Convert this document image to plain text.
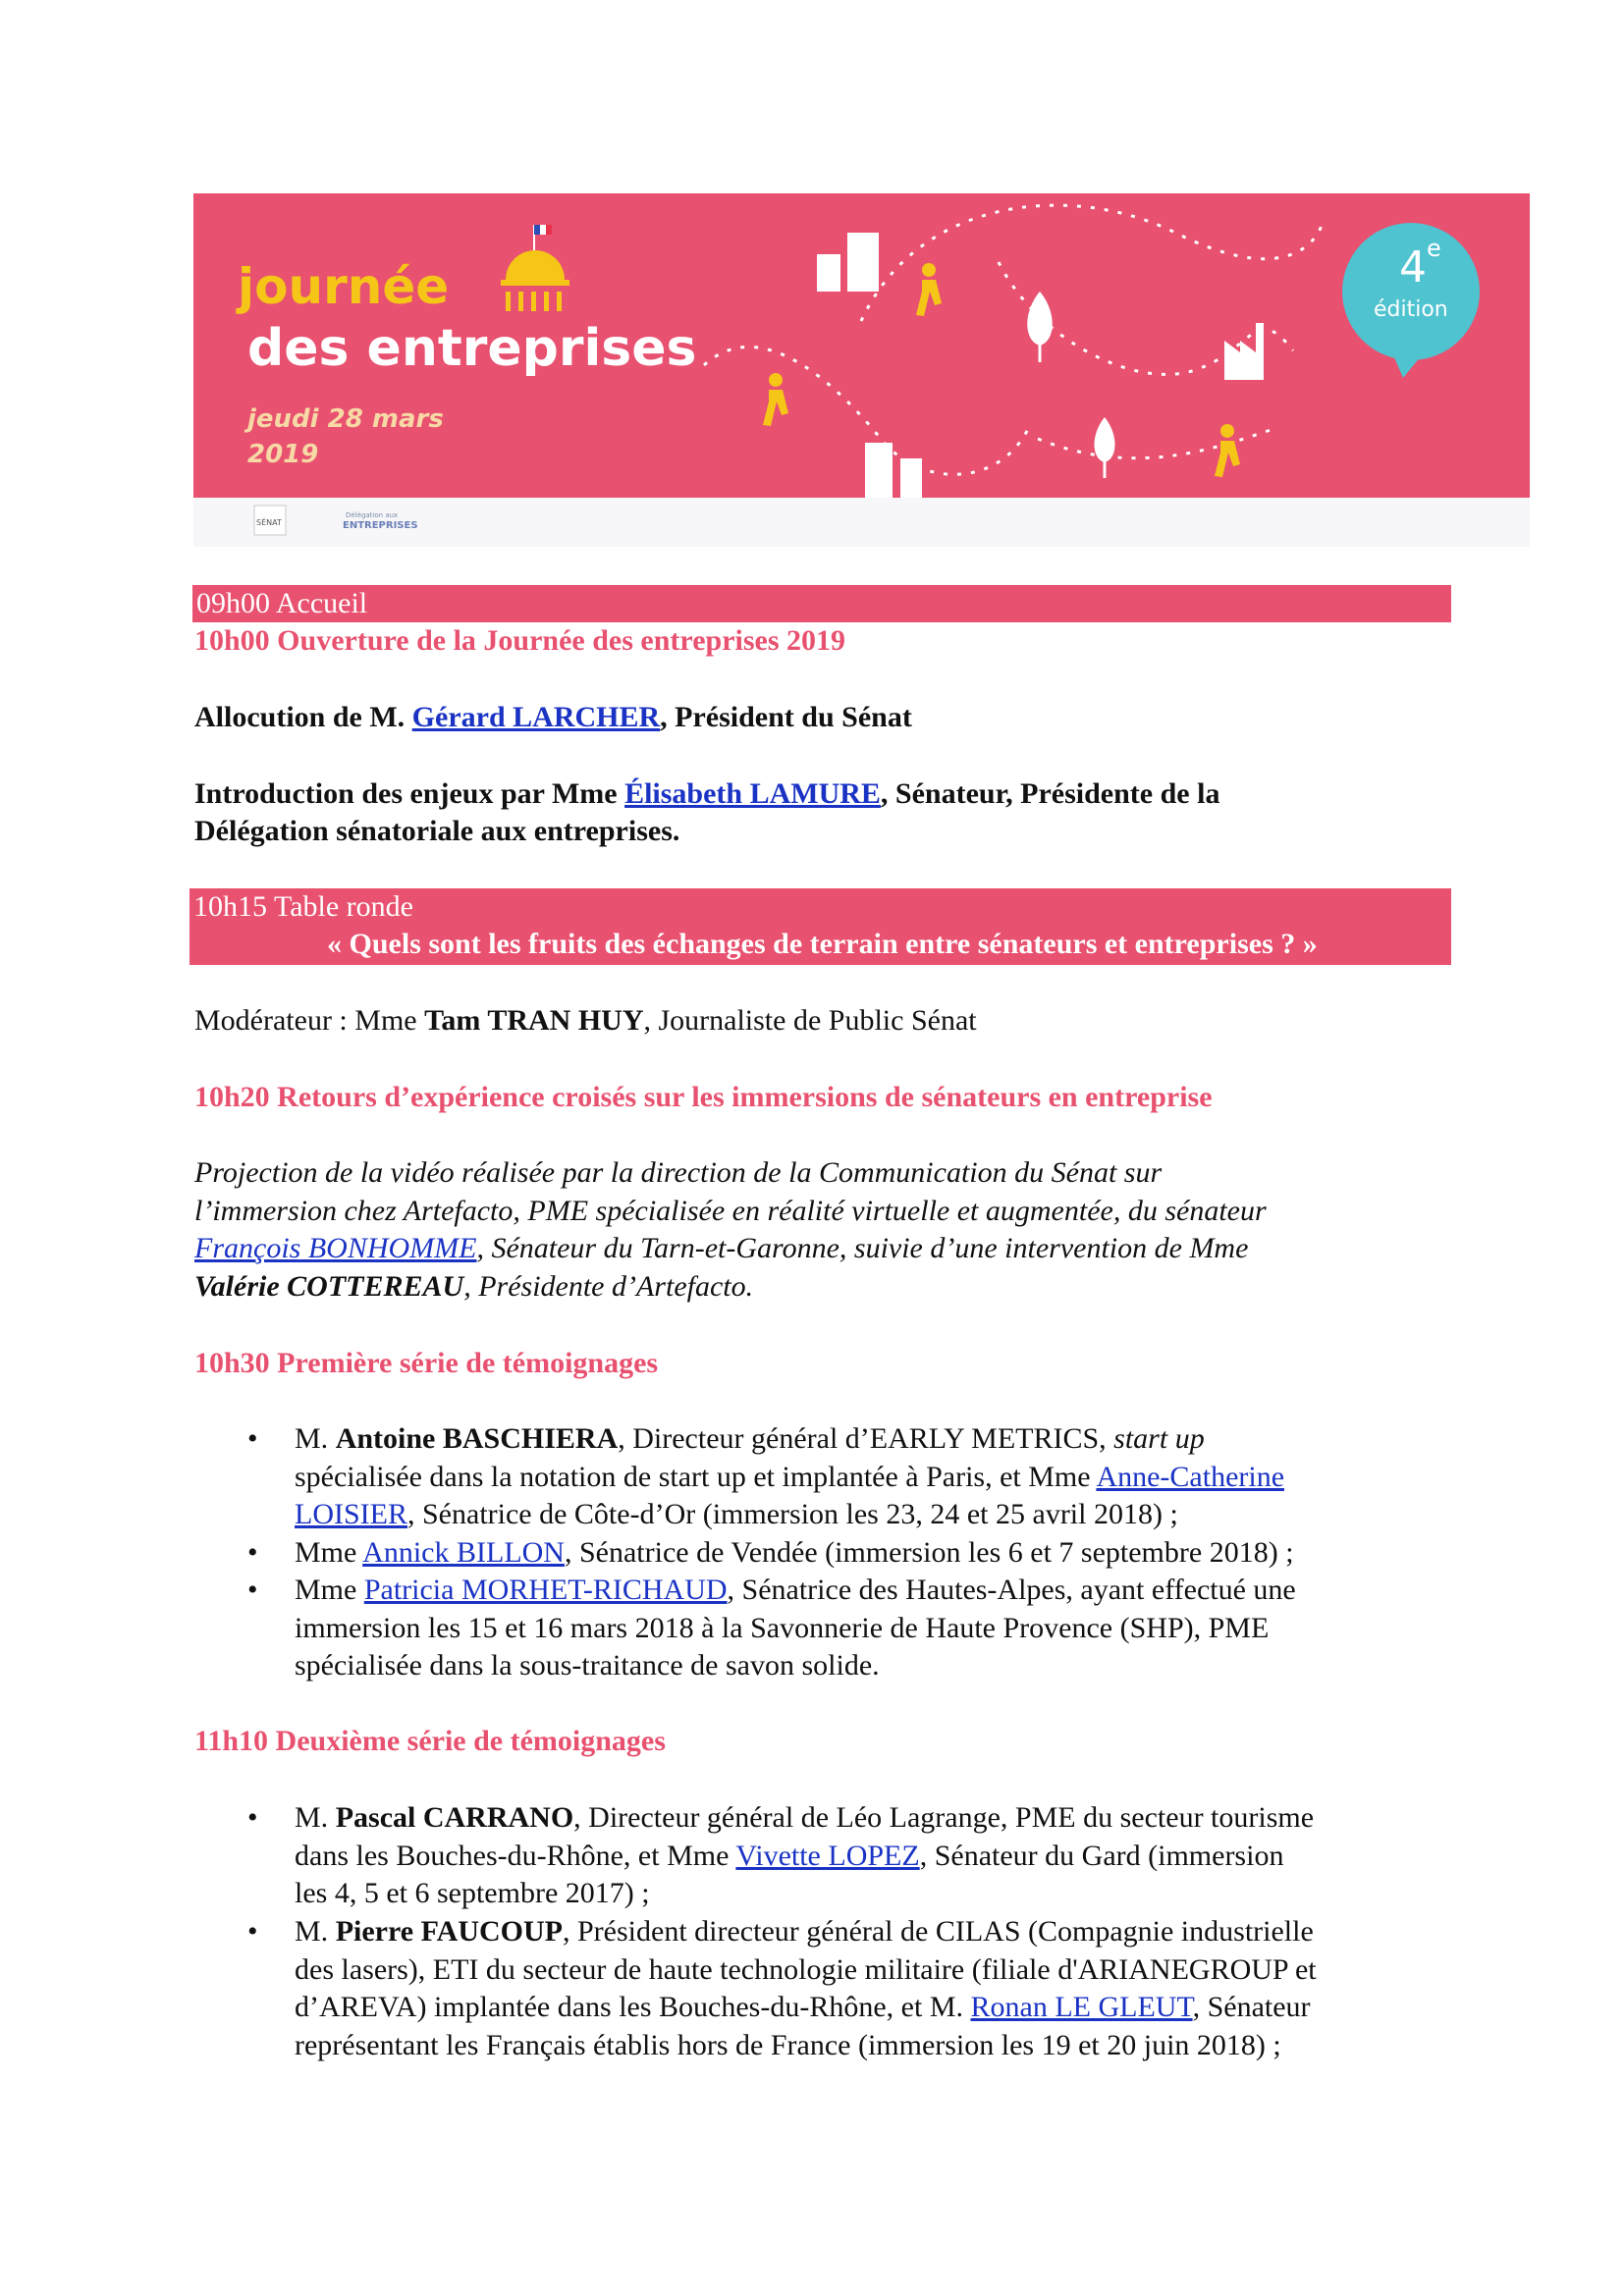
journée
des entreprises
jeudi 28 mars
2019
4 e
édition
SÉNAT
Délégation aux
ENTREPRISES
09h00 Accueil
10h00 Ouverture de la Journée des entreprises 2019
Allocution de M. Gérard LARCHER, Président du Sénat
Introduction des enjeux par Mme Élisabeth LAMURE, Sénateur, Présidente de la
Délégation sénatoriale aux entreprises.
10h15 Table ronde
« Quels sont les fruits des échanges de terrain entre sénateurs et entreprises ? »
Modérateur : Mme Tam TRAN HUY, Journaliste de Public Sénat
10h20 Retours d’expérience croisés sur les immersions de sénateurs en entreprise
Projection de la vidéo réalisée par la direction de la Communication du Sénat sur
l’immersion chez Artefacto, PME spécialisée en réalité virtuelle et augmentée, du sénateur
François BONHOMME, Sénateur du Tarn-et-Garonne, suivie d’une intervention de Mme
Valérie COTTEREAU, Présidente d’Artefacto.
10h30 Première série de témoignages
• M. Antoine BASCHIERA, Directeur général d’EARLY METRICS, start up
spécialisée dans la notation de start up et implantée à Paris, et Mme Anne-Catherine
LOISIER, Sénatrice de Côte-d’Or (immersion les 23, 24 et 25 avril 2018) ;
• Mme Annick BILLON, Sénatrice de Vendée (immersion les 6 et 7 septembre 2018) ;
• Mme Patricia MORHET-RICHAUD, Sénatrice des Hautes-Alpes, ayant effectué une
immersion les 15 et 16 mars 2018 à la Savonnerie de Haute Provence (SHP), PME
spécialisée dans la sous-traitance de savon solide.
11h10 Deuxième série de témoignages
• M. Pascal CARRANO, Directeur général de Léo Lagrange, PME du secteur tourisme
dans les Bouches-du-Rhône, et Mme Vivette LOPEZ, Sénateur du Gard (immersion
les 4, 5 et 6 septembre 2017) ;
• M. Pierre FAUCOUP, Président directeur général de CILAS (Compagnie industrielle
des lasers), ETI du secteur de haute technologie militaire (filiale d'ARIANEGROUP et
d’AREVA) implantée dans les Bouches-du-Rhône, et M. Ronan LE GLEUT, Sénateur
représentant les Français établis hors de France (immersion les 19 et 20 juin 2018) ;
